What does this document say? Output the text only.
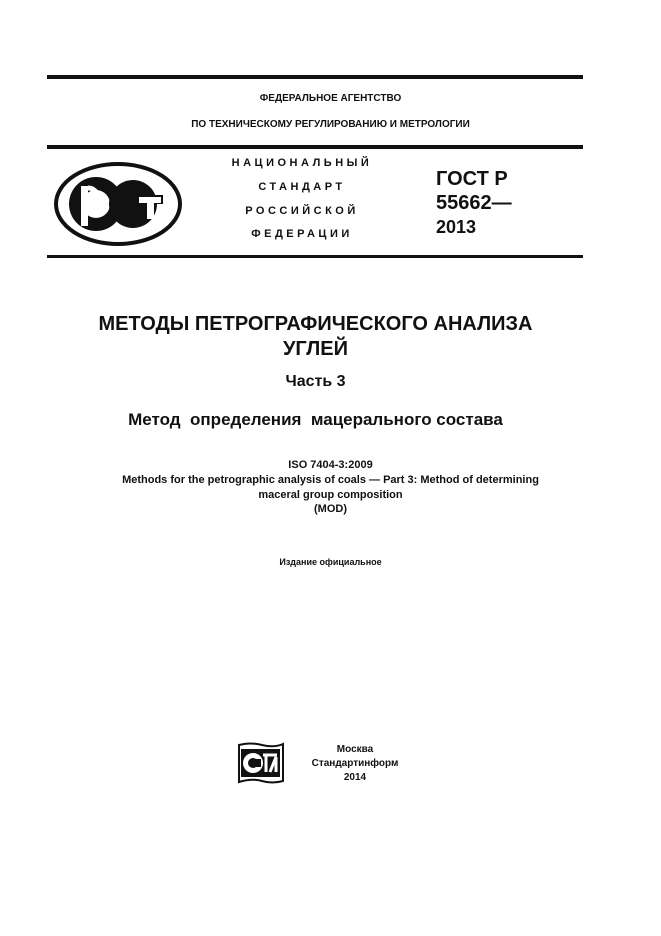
ФЕДЕРАЛЬНОЕ АГЕНТСТВО
ПО ТЕХНИЧЕСКОМУ РЕГУЛИРОВАНИЮ И МЕТРОЛОГИИ
НАЦИОНАЛЬНЫЙ
СТАНДАРТ
РОССИЙСКОЙ
ФЕДЕРАЦИИ
ГОСТ Р
55662—
2013
МЕТОДЫ ПЕТРОГРАФИЧЕСКОГО АНАЛИЗА
УГЛЕЙ
Часть 3
Метод  определения  мацерального состава
ISO 7404-3:2009
Methods for the petrographic analysis of coals — Part 3: Method of determining
maceral group composition
(MOD)
Издание официальное
Москва
Стандартинформ
2014
